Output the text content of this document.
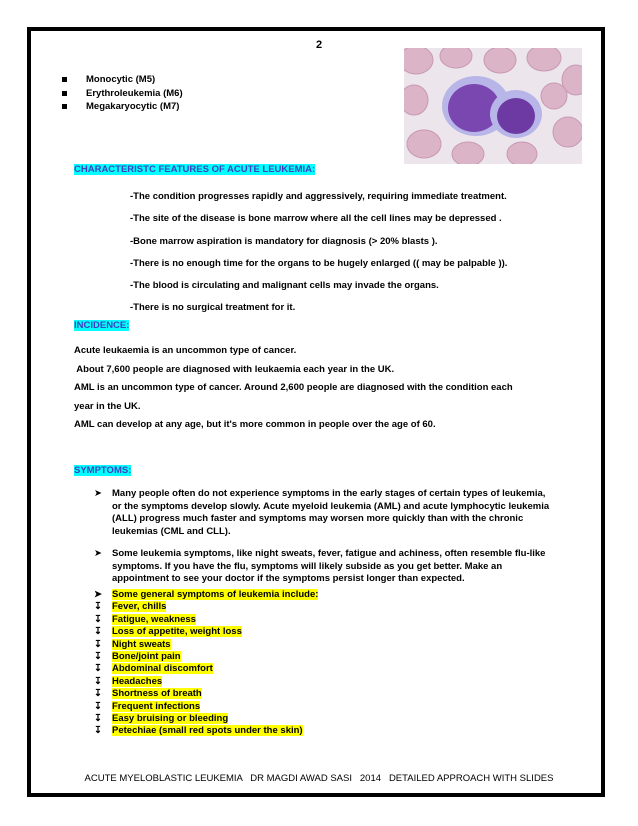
2
Monocytic (M5)
Erythroleukemia (M6)
Megakaryocytic (M7)
CHARACTERISTC FEATURES OF ACUTE LEUKEMIA:
-The condition progresses rapidly and aggressively, requiring immediate treatment.
-The site of the disease is bone marrow where all the cell lines may be depressed .
-Bone marrow aspiration is mandatory for diagnosis (> 20% blasts ).
-There is no enough time for the organs to be hugely enlarged (( may be palpable )).
-The blood is circulating and malignant cells may invade the organs.
-There is no surgical treatment for it.
INCIDENCE:
Acute leukaemia is an uncommon type of cancer.
About 7,600 people are diagnosed with leukaemia each year in the UK.
AML is an uncommon type of cancer. Around 2,600 people are diagnosed with the condition each
year in the UK.
AML can develop at any age, but it's more common in people over the age of 60.
SYMPTOMS:
➤ Many people often do not experience symptoms in the early stages of certain types of leukemia, or the symptoms develop slowly. Acute myeloid leukemia (AML) and acute lymphocytic leukemia (ALL) progress much faster and symptoms may worsen more quickly than with the chronic leukemias (CML and CLL).
➤ Some leukemia symptoms, like night sweats, fever, fatigue and achiness, often resemble flu-like symptoms. If you have the flu, symptoms will likely subside as you get better. Make an appointment to see your doctor if the symptoms persist longer than expected.
➤ Some general symptoms of leukemia include:
↧ Fever, chills
↧ Fatigue, weakness
↧ Loss of appetite, weight loss
↧ Night sweats
↧ Bone/joint pain
↧ Abdominal discomfort
↧ Headaches
↧ Shortness of breath
↧ Frequent infections
↧ Easy bruising or bleeding
↧ Petechiae (small red spots under the skin)
ACUTE MYELOBLASTIC LEUKEMIA   DR MAGDI AWAD SASI   2014   DETAILED APPROACH WITH SLIDES
